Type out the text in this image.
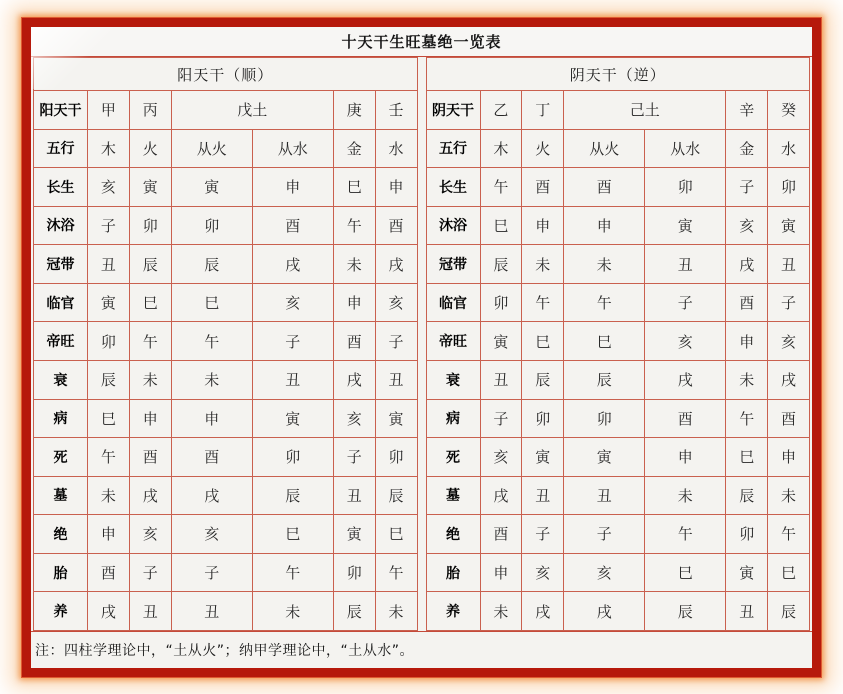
十天干生旺墓绝一览表
阳天干（顺）						
阳天干	甲	丙	戊土		庚	壬
五行	木	火	从火	从水	金	水
长生	亥	寅	寅	申	巳	申
沐浴	子	卯	卯	酉	午	酉
冠带	丑	辰	辰	戌	未	戌
临官	寅	巳	巳	亥	申	亥
帝旺	卯	午	午	子	酉	子
衰	辰	未	未	丑	戌	丑
病	巳	申	申	寅	亥	寅
死	午	酉	酉	卯	子	卯
墓	未	戌	戌	辰	丑	辰
绝	申	亥	亥	巳	寅	巳
胎	酉	子	子	午	卯	午
养	戌	丑	丑	未	辰	未
阴天干（逆）						
阴天干	乙	丁	己土		辛	癸
五行	木	火	从火	从水	金	水
长生	午	酉	酉	卯	子	卯
沐浴	巳	申	申	寅	亥	寅
冠带	辰	未	未	丑	戌	丑
临官	卯	午	午	子	酉	子
帝旺	寅	巳	巳	亥	申	亥
衰	丑	辰	辰	戌	未	戌
病	子	卯	卯	酉	午	酉
死	亥	寅	寅	申	巳	申
墓	戌	丑	丑	未	辰	未
绝	酉	子	子	午	卯	午
胎	申	亥	亥	巳	寅	巳
养	未	戌	戌	辰	丑	辰
注：四柱学理论中，“土从火”；纳甲学理论中，“土从水”。
